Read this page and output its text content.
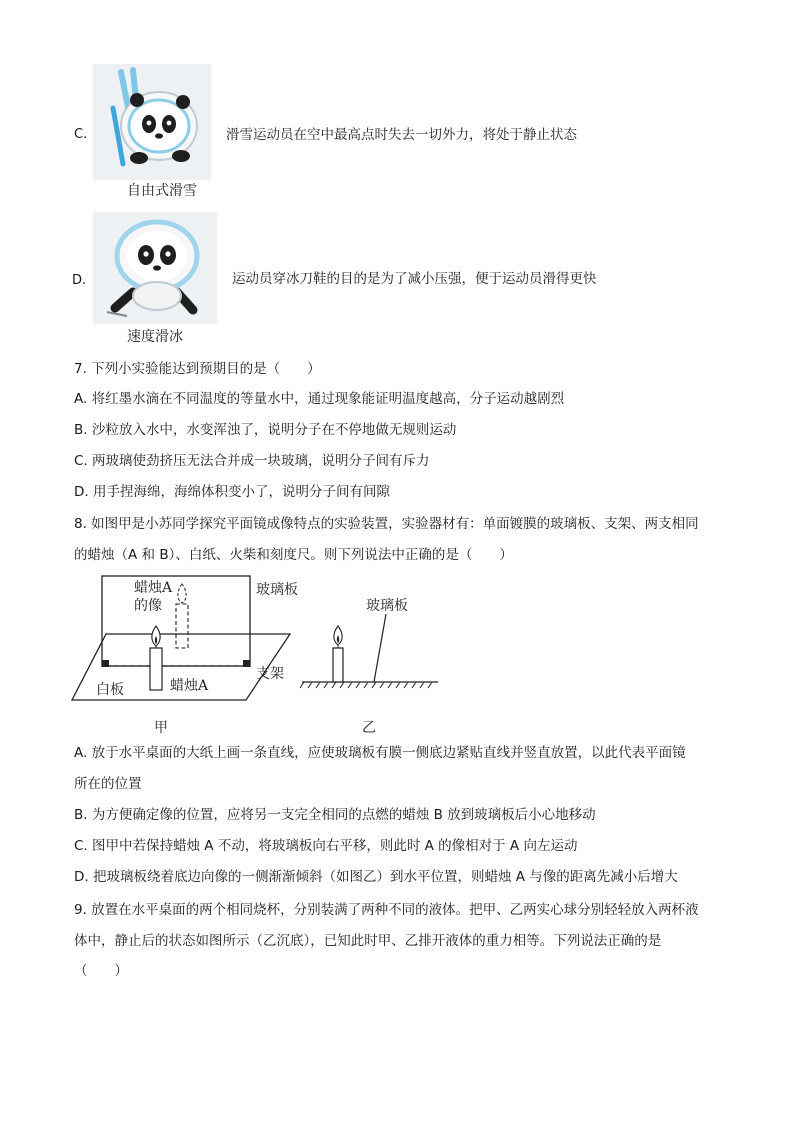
C.
自由式滑雪
滑雪运动员在空中最高点时失去一切外力，将处于静止状态
D.
速度滑冰
运动员穿冰刀鞋的目的是为了减小压强，便于运动员滑得更快
7. 下列小实验能达到预期目的是（　　）
A. 将红墨水滴在不同温度的等量水中，通过现象能证明温度越高，分子运动越剧烈
B. 沙粒放入水中，水变浑浊了，说明分子在不停地做无规则运动
C. 两玻璃使劲挤压无法合并成一块玻璃，说明分子间有斥力
D. 用手捏海绵，海绵体积变小了，说明分子间有间隙
8. 如图甲是小苏同学探究平面镜成像特点的实验装置，实验器材有：单面镀膜的玻璃板、支架、两支相同
的蜡烛（A 和 B）、白纸、火柴和刻度尺。则下列说法中正确的是（　　）
蜡烛A
的像
玻璃板
支架
白板	蜡烛A
甲
玻璃板
乙
A. 放于水平桌面的大纸上画一条直线，应使玻璃板有膜一侧底边紧贴直线并竖直放置，以此代表平面镜
所在的位置
B. 为方便确定像的位置，应将另一支完全相同的点燃的蜡烛 B 放到玻璃板后小心地移动
C. 图甲中若保持蜡烛 A 不动，将玻璃板向右平移，则此时 A 的像相对于 A 向左运动
D. 把玻璃板绕着底边向像的一侧渐渐倾斜（如图乙）到水平位置，则蜡烛 A 与像的距离先减小后增大
9. 放置在水平桌面的两个相同烧杯，分别装满了两种不同的液体。把甲、乙两实心球分别轻轻放入两杯液
体中，静止后的状态如图所示（乙沉底），已知此时甲、乙排开液体的重力相等。下列说法正确的是
（　　）
